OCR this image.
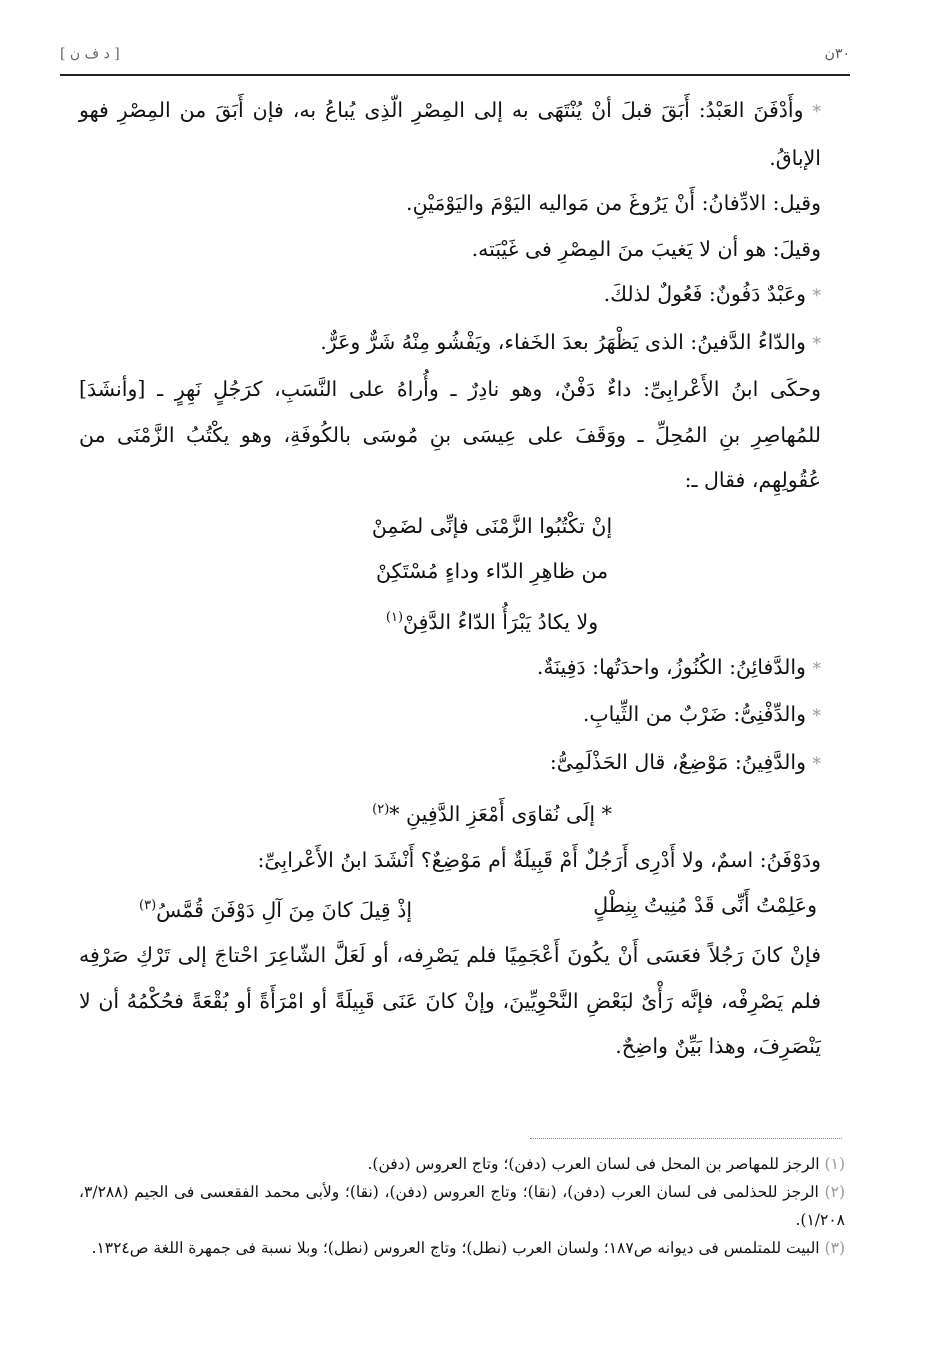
٣٠ن
[ د ف ن ]

* وأَدْفَنَ العَبْدُ: أَبَقَ قبلَ أنْ يُنْتَهَى به إلى المِصْرِ الّذِى يُباعُ به، فإن أَبَقَ من المِصْرِ فهو الإباقُ.

وقيل: الادِّفانُ: أَنْ يَرُوغَ من مَواليه اليَوْمَ واليَوْمَيْنِ.

وقيلَ: هو أن لا يَغيبَ منَ المِصْرِ فى غَيْبَته.

* وعَبْدٌ دَفُونٌ: فَعُولٌ لذلكَ.

* والدّاءُ الدَّفينُ: الذى يَظْهَرُ بعدَ الخَفاء، ويَفْشُو مِنْهُ شَرٌّ وعَرٌّ.

وحكَى ابنُ الأَعْرابِىِّ: داءٌ دَفْنٌ، وهو نادِرٌ ـ وأُراهُ على النَّسَبِ، كرَجُلٍ نَهِرٍ ـ [وأنشَدَ] للمُهاصِرِ بنِ المُحِلِّ ـ ووَقَفَ على عِيسَى بنِ مُوسَى بالكُوفَةِ، وهو يكْتُبُ الزَّمْنَى من عُقُولِهِم، فقال ـ:

إنْ تكْتُبُوا الزَّمْنَى فإنِّى لضَمِنْ

من ظاهِرِ الدّاء وداءٍ مُسْتَكِنْ

ولا يكادُ يَبْرَأُ الدّاءُ الدَّفِنْ$^{(١)}$

* والدَّفائِنُ: الكُنُوزُ، واحدَتُها: دَفِينَةٌ.

* والدِّفْنِىُّ: ضَرْبٌ من الثِّيابِ.

* والدَّفِينُ: مَوْضِعٌ، قال الحَذْلَمِىُّ:

* إلَى نُقاوَى أَمْعَزِ الدَّفِينِ *$^{(٢)}$

ودَوْفَنُ: اسمٌ، ولا أَدْرِى أَرَجُلٌ أَمْ قَبِيلَةٌ أم مَوْضِعٌ؟ أَنْشَدَ ابنُ الأَعْرابِىِّ:

وعَلِمْتُ أَنِّى قَدْ مُنِيتُ بِنِطْلٍ
إذْ قِيلَ كانَ مِنَ آلِ دَوْفَنَ قُمَّسُ$^{(٣)}$

فإنْ كانَ رَجُلاً فعَسَى أَنْ يكُونَ أَعْجَمِيًا فلم يَصْرِفه، أو لَعَلَّ الشّاعِرَ احْتاجَ إلى تَرْكِ صَرْفِه فلم يَصْرِفْه، فإنَّه رَأْىٌ لبَعْضِ النَّحْوِيِّينَ، وإنْ كانَ عَنَى قَبِيلَةً أو امْرَأَةً أو بُقْعَةً فحُكْمُهُ أن لا يَنْصَرِفَ، وهذا بَيِّنٌ واضِحٌ.

(١) الرجز للمهاصر بن المحل فى لسان العرب (دفن)؛ وتاج العروس (دفن).

(٢) الرجز للحذلمى فى لسان العرب (دفن)، (نقا)؛ وتاج العروس (دفن)، (نقا)؛ ولأبى محمد الفقعسى فى الجيم (٣/٢٨٨، ١/٢٠٨).

(٣) البيت للمتلمس فى ديوانه ص١٨٧؛ ولسان العرب (نطل)؛ وتاج العروس (نطل)؛ وبلا نسبة فى جمهرة اللغة ص١٣٢٤.
